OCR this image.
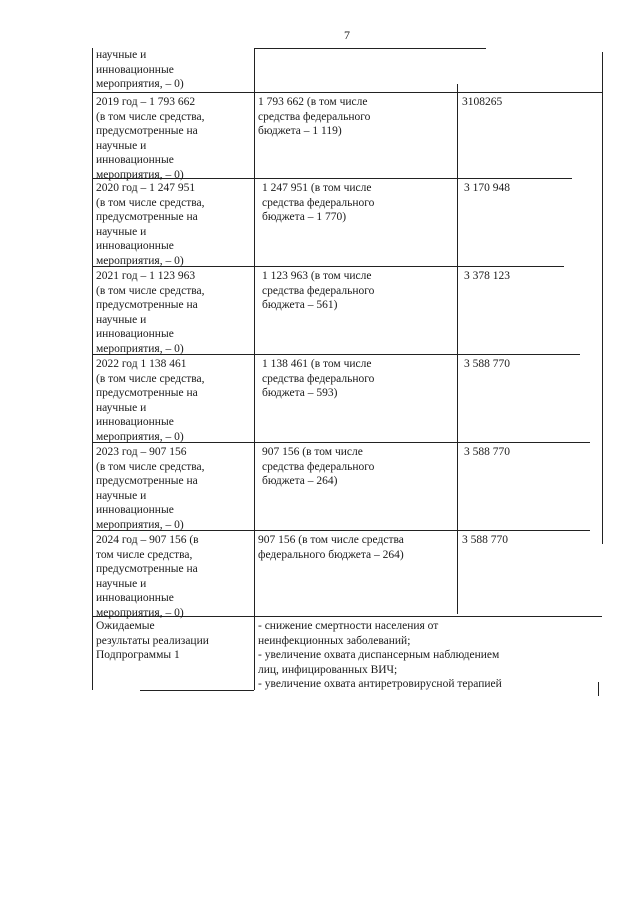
7
научные и
инновационные
мероприятия, – 0)
2019 год – 1 793 662
(в том числе средства,
предусмотренные на
научные и
инновационные
мероприятия, – 0)
1 793 662 (в том числе
средства федерального
бюджета – 1 119)
3108265
2020 год – 1 247 951
(в том числе средства,
предусмотренные на
научные и
инновационные
мероприятия, – 0)
1 247 951 (в том числе
средства федерального
бюджета – 1 770)
3 170 948
2021 год – 1 123 963
(в том числе средства,
предусмотренные на
научные и
инновационные
мероприятия, – 0)
1 123 963 (в том числе
средства федерального
бюджета – 561)
3 378 123
2022 год 1 138 461
(в том числе средства,
предусмотренные на
научные и
инновационные
мероприятия, – 0)
1 138 461 (в том числе
средства федерального
бюджета – 593)
3 588 770
2023 год – 907 156
(в том числе средства,
предусмотренные на
научные и
инновационные
мероприятия, – 0)
907 156 (в том числе
средства федерального
бюджета – 264)
3 588 770
2024 год – 907 156 (в
том числе средства,
предусмотренные на
научные и
инновационные
мероприятия, – 0)
907 156 (в том числе средства
федерального бюджета – 264)
3 588 770
Ожидаемые
результаты реализации
Подпрограммы 1
- снижение смертности населения от
неинфекционных заболеваний;
- увеличение охвата диспансерным наблюдением
лиц, инфицированных ВИЧ;
- увеличение охвата антиретровирусной терапией
